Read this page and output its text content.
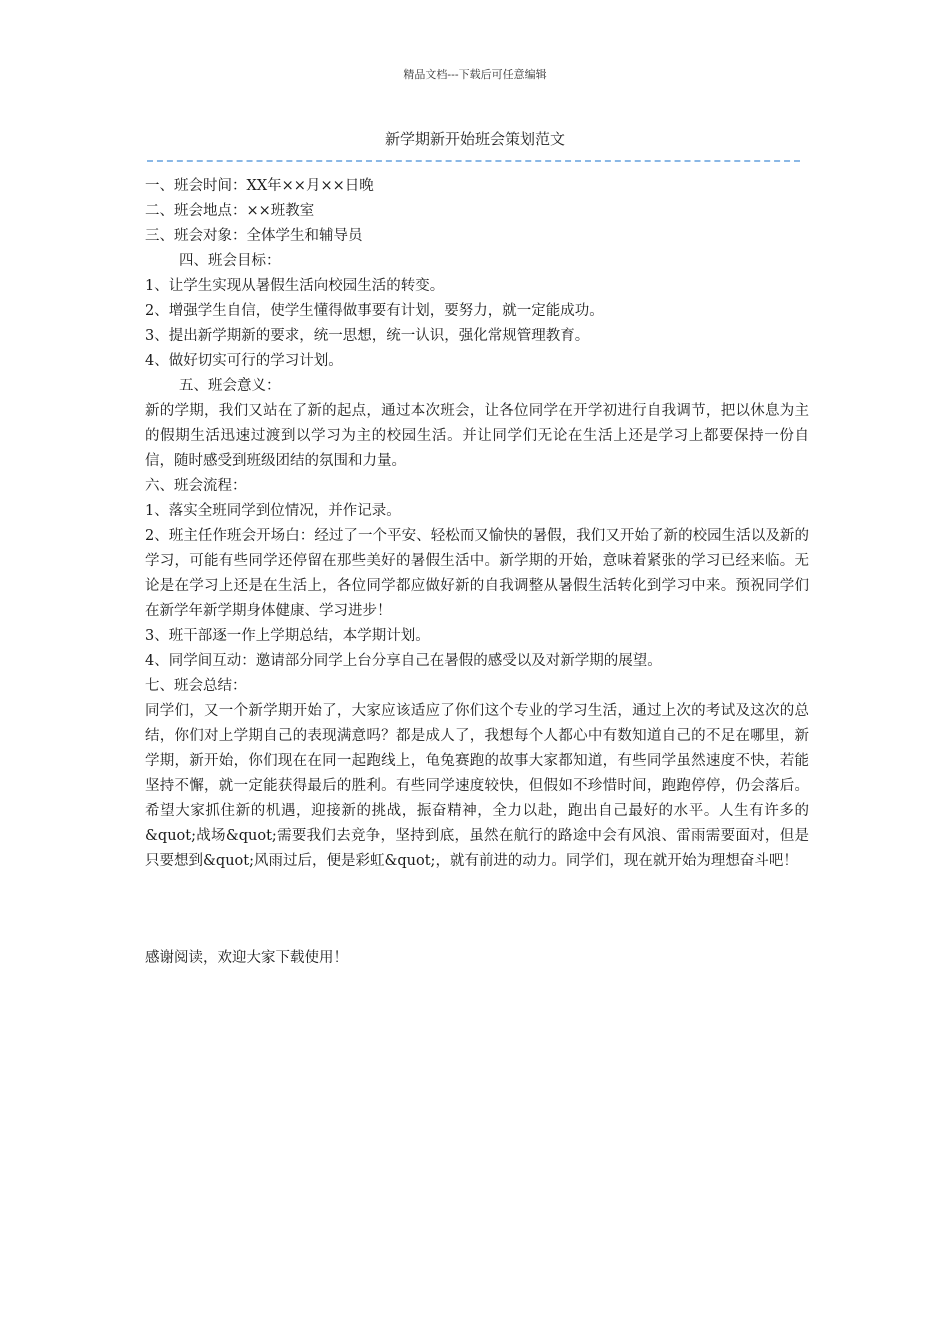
精品文档---下载后可任意编辑
新学期新开始班会策划范文

一、班会时间：XX年××月××日晚

二、班会地点：××班教室

三、班会对象：全体学生和辅导员

四、班会目标：

1、让学生实现从暑假生活向校园生活的转变。

2、增强学生自信，使学生懂得做事要有计划，要努力，就一定能成功。

3、提出新学期新的要求，统一思想，统一认识，强化常规管理教育。

4、做好切实可行的学习计划。

五、班会意义：

新的学期，我们又站在了新的起点，通过本次班会，让各位同学在开学初进行自我调节，把以休息为主的假期生活迅速过渡到以学习为主的校园生活。并让同学们无论在生活上还是学习上都要保持一份自信，随时感受到班级团结的氛围和力量。

六、班会流程：

1、落实全班同学到位情况，并作记录。

2、班主任作班会开场白：经过了一个平安、轻松而又愉快的暑假，我们又开始了新的校园生活以及新的学习，可能有些同学还停留在那些美好的暑假生活中。新学期的开始，意味着紧张的学习已经来临。无论是在学习上还是在生活上，各位同学都应做好新的自我调整从暑假生活转化到学习中来。预祝同学们在新学年新学期身体健康、学习进步！

3、班干部逐一作上学期总结，本学期计划。

4、同学间互动：邀请部分同学上台分享自己在暑假的感受以及对新学期的展望。

七、班会总结：

同学们，又一个新学期开始了，大家应该适应了你们这个专业的学习生活，通过上次的考试及这次的总结，你们对上学期自己的表现满意吗？都是成人了，我想每个人都心中有数知道自己的不足在哪里，新学期，新开始，你们现在在同一起跑线上，龟兔赛跑的故事大家都知道，有些同学虽然速度不快，若能坚持不懈，就一定能获得最后的胜利。有些同学速度较快，但假如不珍惜时间，跑跑停停，仍会落后。希望大家抓住新的机遇，迎接新的挑战，振奋精神，全力以赴，跑出自己最好的水平。人生有许多的&quot;战场&quot;需要我们去竞争，坚持到底，虽然在航行的路途中会有风浪、雷雨需要面对，但是只要想到&quot;风雨过后，便是彩虹&quot;，就有前进的动力。同学们，现在就开始为理想奋斗吧！

感谢阅读，欢迎大家下载使用！
